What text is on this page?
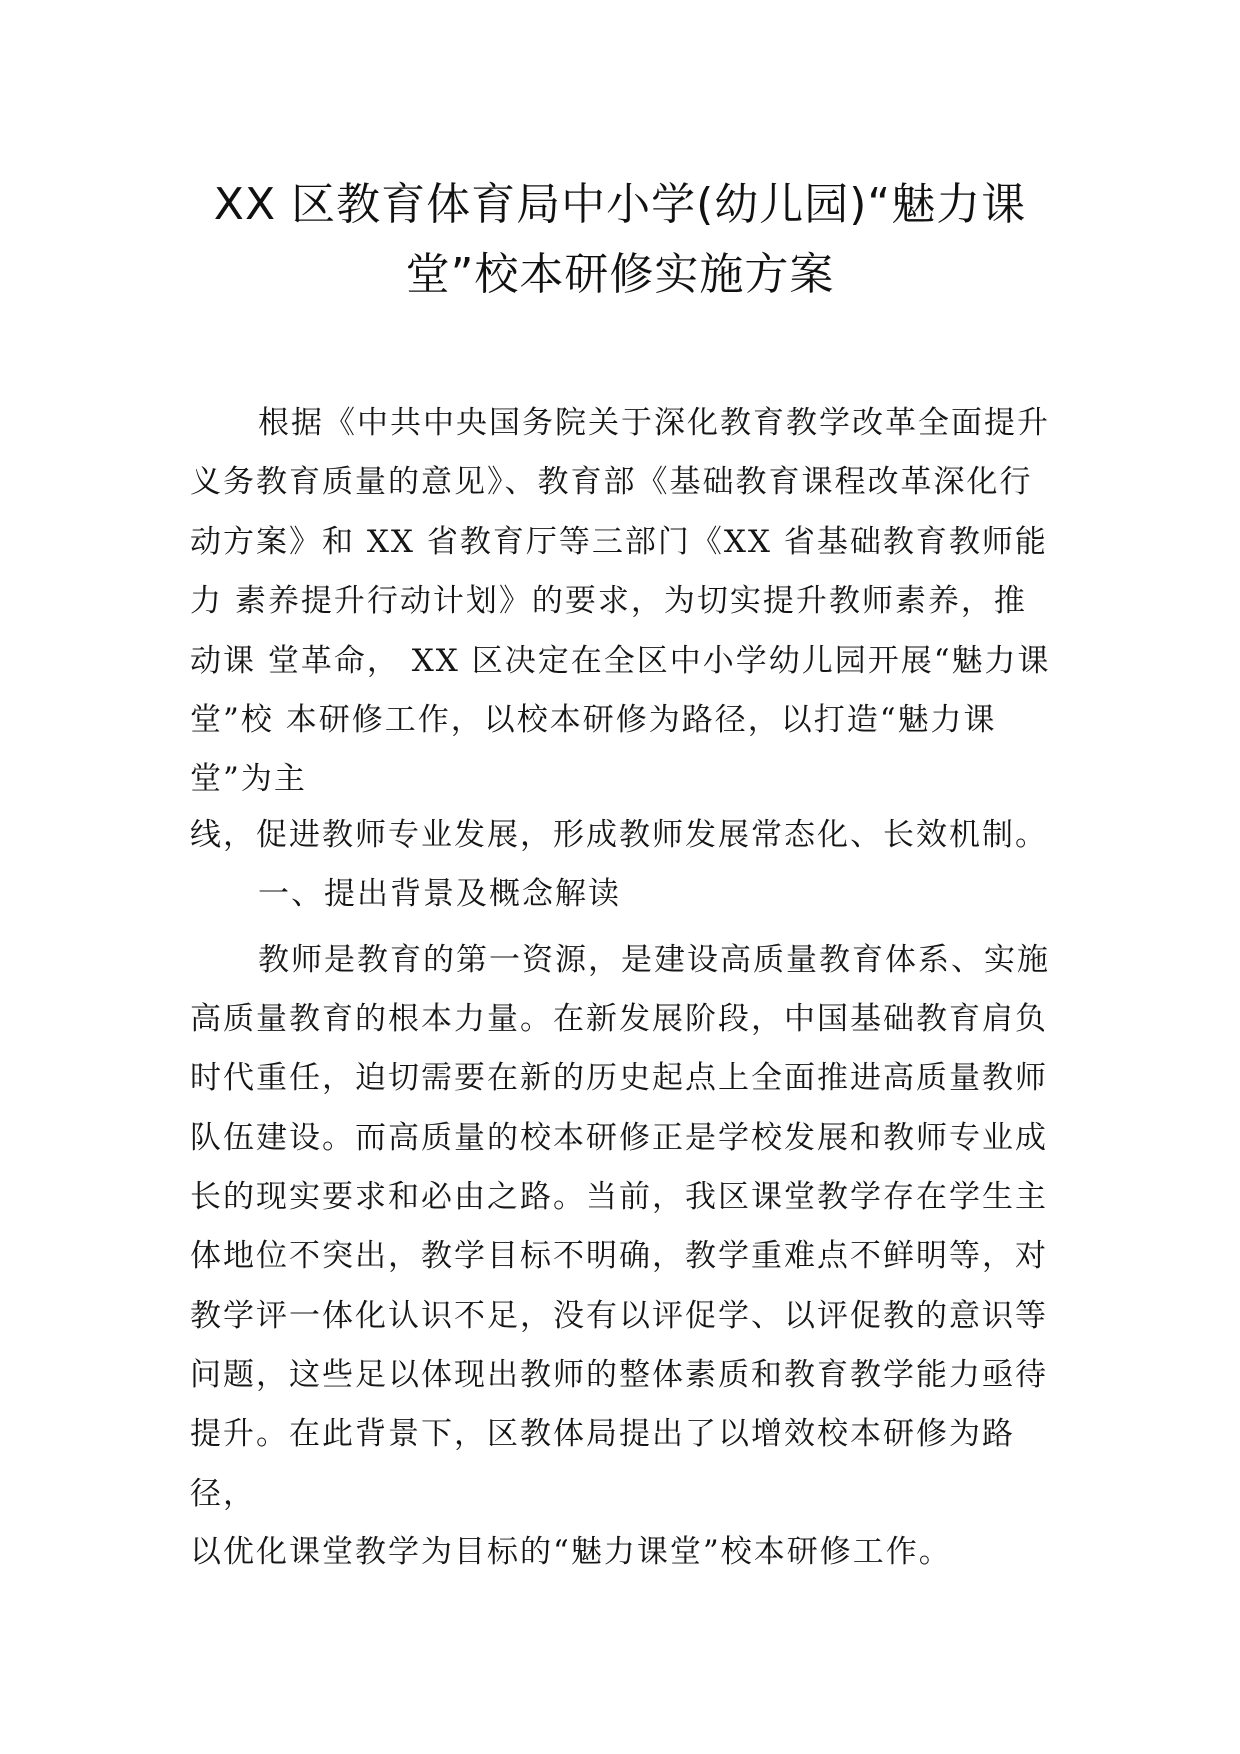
XX 区教育体育局中小学(幼儿园)“魅力课
堂”校本研修实施方案
根据《中共中央国务院关于深化教育教学改革全面提升
义务教育质量的意见》、教育部《基础教育课程改革深化行
动方案》和 XX 省教育厅等三部门《XX 省基础教育教师能
力 素养提升行动计划》的要求，为切实提升教师素养，推
动课 堂革命， XX 区决定在全区中小学幼儿园开展“魅力课
堂”校 本研修工作，以校本研修为路径，以打造“魅力课
堂”为主
线，促进教师专业发展，形成教师发展常态化、长效机制。
一、提出背景及概念解读
教师是教育的第一资源，是建设高质量教育体系、实施
高质量教育的根本力量。在新发展阶段，中国基础教育肩负
时代重任，迫切需要在新的历史起点上全面推进高质量教师
队伍建设。而高质量的校本研修正是学校发展和教师专业成
长的现实要求和必由之路。当前，我区课堂教学存在学生主
体地位不突出，教学目标不明确，教学重难点不鲜明等，对
教学评一体化认识不足，没有以评促学、以评促教的意识等
问题，这些足以体现出教师的整体素质和教育教学能力亟待
提升。在此背景下，区教体局提出了以增效校本研修为路
径，
以优化课堂教学为目标的“魅力课堂”校本研修工作。
